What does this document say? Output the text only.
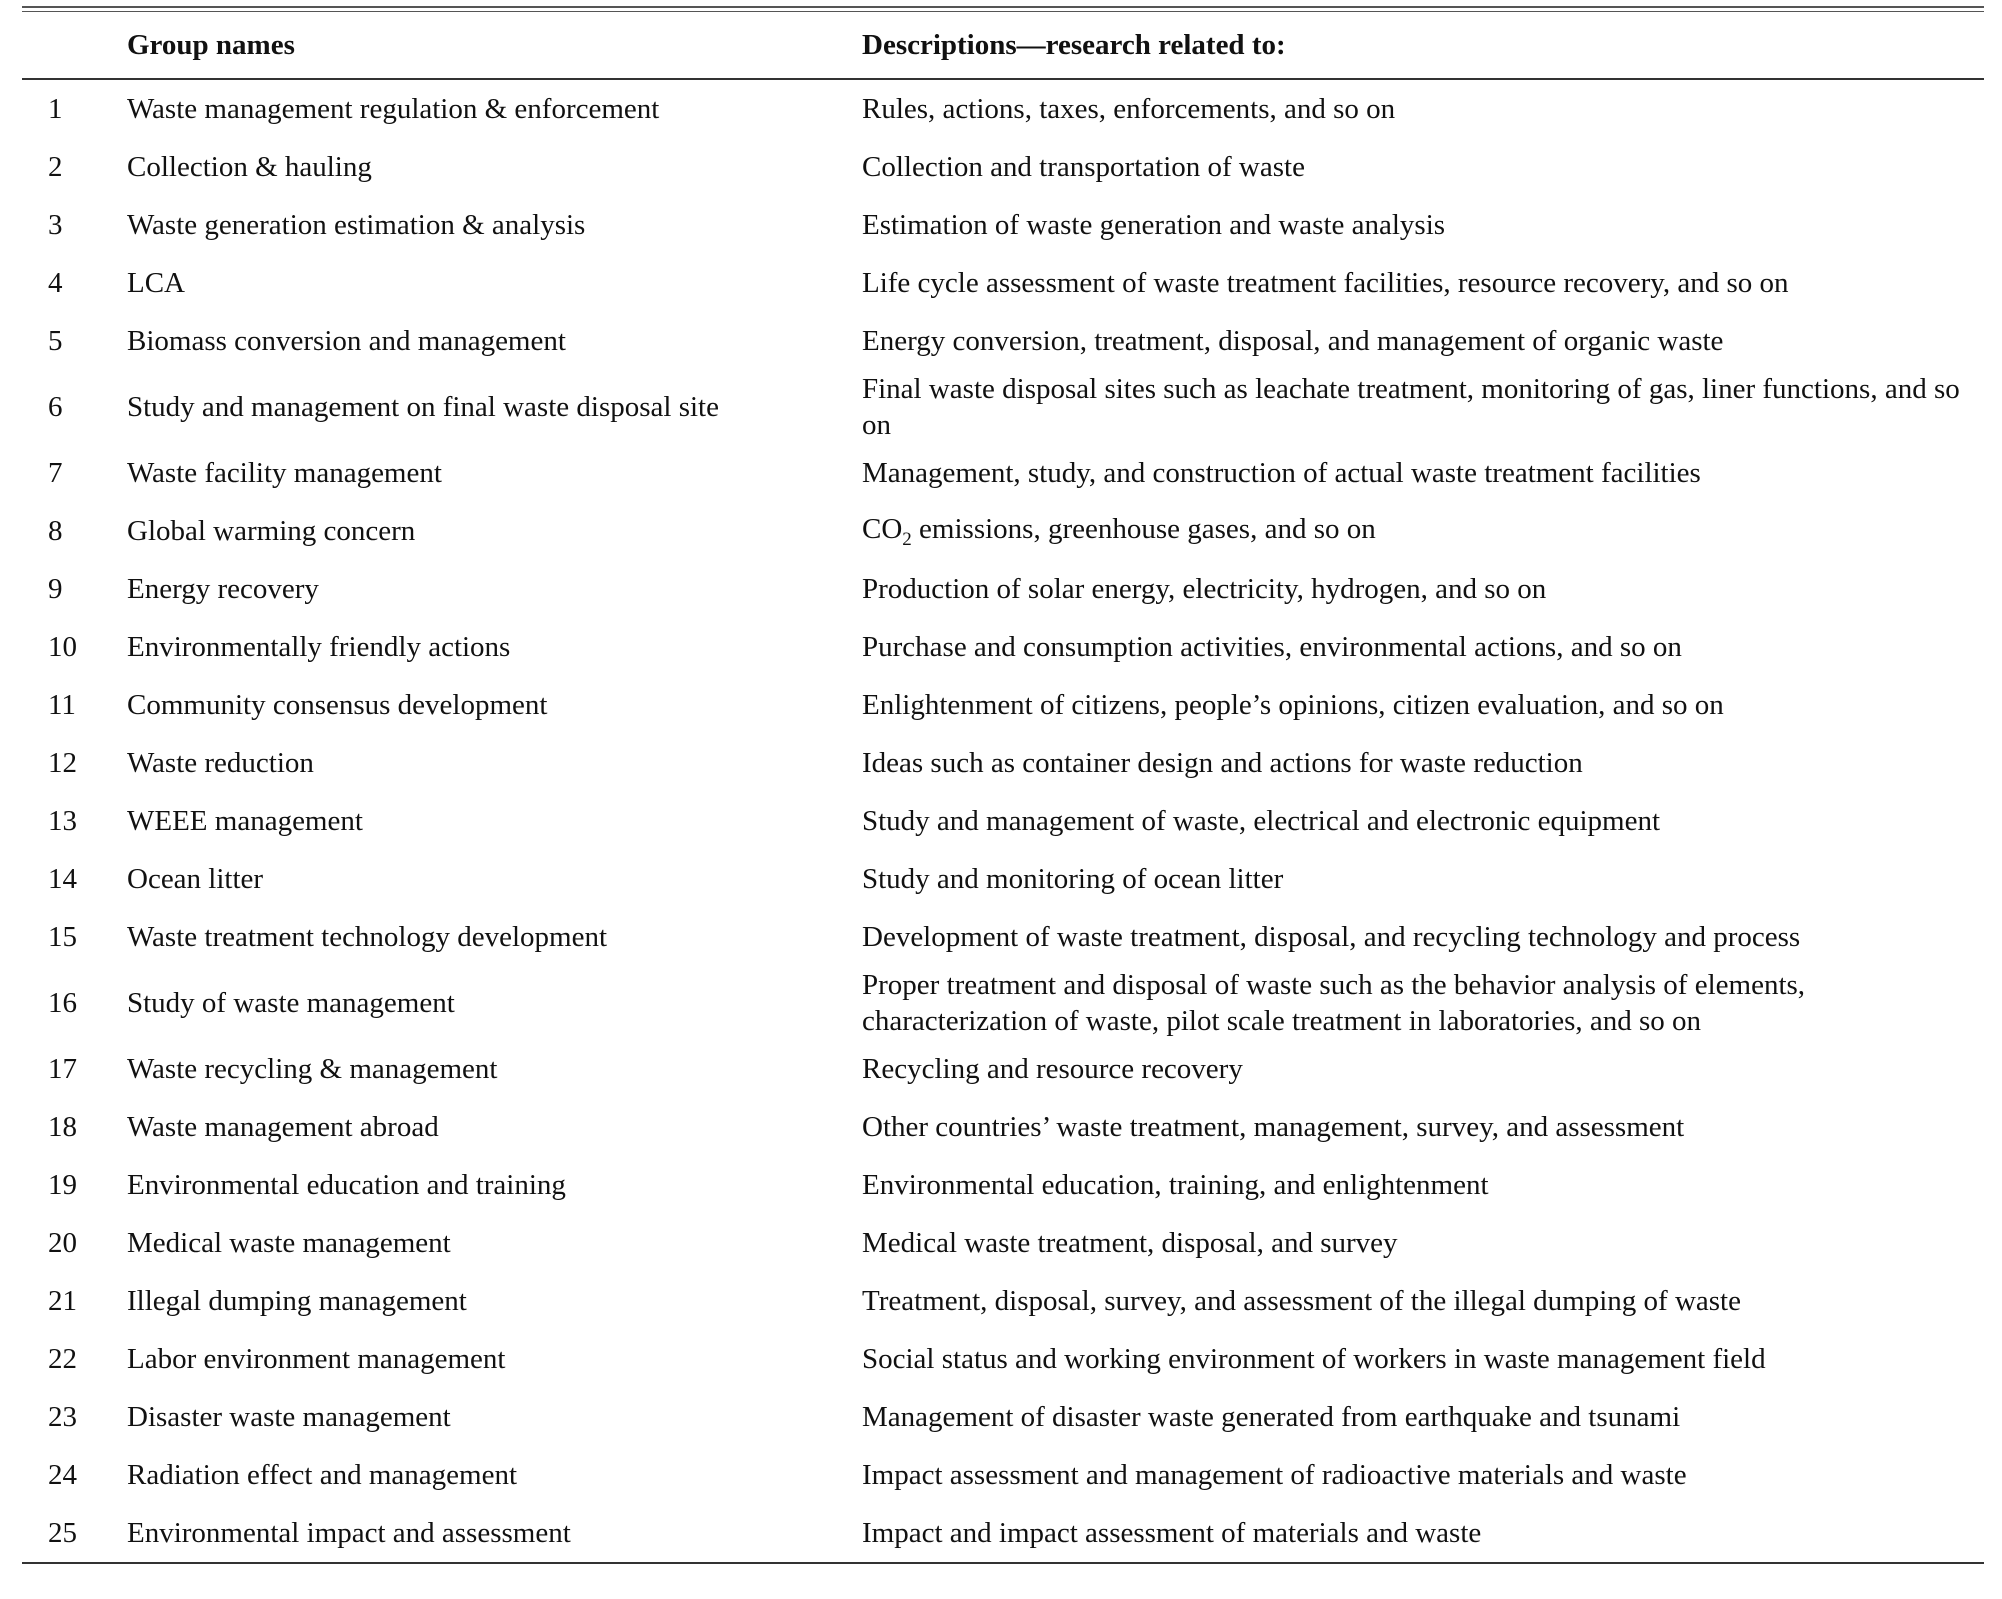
	Group names	Descriptions—research related to:
1	Waste management regulation & enforcement	Rules, actions, taxes, enforcements, and so on
2	Collection & hauling	Collection and transportation of waste
3	Waste generation estimation & analysis	Estimation of waste generation and waste analysis
4	LCA	Life cycle assessment of waste treatment facilities, resource recovery, and so on
5	Biomass conversion and management	Energy conversion, treatment, disposal, and management of organic waste
6	Study and management on final waste disposal site	Final waste disposal sites such as leachate treatment, monitoring of gas, liner functions, and so on
7	Waste facility management	Management, study, and construction of actual waste treatment facilities
8	Global warming concern	$CO_2$ emissions, greenhouse gases, and so on
9	Energy recovery	Production of solar energy, electricity, hydrogen, and so on
10	Environmentally friendly actions	Purchase and consumption activities, environmental actions, and so on
11	Community consensus development	Enlightenment of citizens, people’s opinions, citizen evaluation, and so on
12	Waste reduction	Ideas such as container design and actions for waste reduction
13	WEEE management	Study and management of waste, electrical and electronic equipment
14	Ocean litter	Study and monitoring of ocean litter
15	Waste treatment technology development	Development of waste treatment, disposal, and recycling technology and process
16	Study of waste management	Proper treatment and disposal of waste such as the behavior analysis of elements, characterization of waste, pilot scale treatment in laboratories, and so on
17	Waste recycling & management	Recycling and resource recovery
18	Waste management abroad	Other countries’ waste treatment, management, survey, and assessment
19	Environmental education and training	Environmental education, training, and enlightenment
20	Medical waste management	Medical waste treatment, disposal, and survey
21	Illegal dumping management	Treatment, disposal, survey, and assessment of the illegal dumping of waste
22	Labor environment management	Social status and working environment of workers in waste management field
23	Disaster waste management	Management of disaster waste generated from earthquake and tsunami
24	Radiation effect and management	Impact assessment and management of radioactive materials and waste
25	Environmental impact and assessment	Impact and impact assessment of materials and waste
